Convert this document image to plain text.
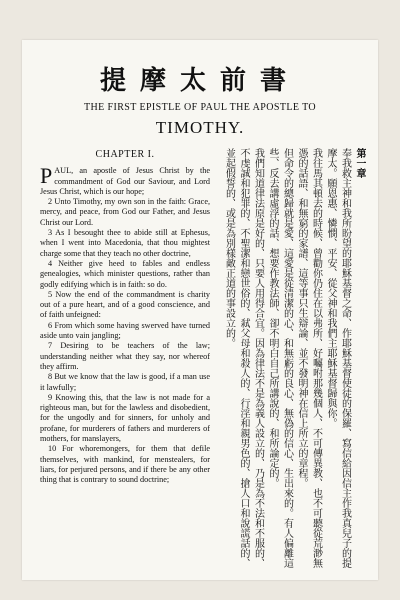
提摩太前書
THE FIRST EPISTLE OF PAUL THE APOSTLE TO
TIMOTHY.
CHAPTER I.

PAUL, an apostle of Jesus Christ by the commandment of God our Saviour, and Lord Jesus Christ, which is our hope;

2 Unto Timothy, my own son in the faith: Grace, mercy, and peace, from God our Father, and Jesus Christ our Lord.

3 As I besought thee to abide still at Ephesus, when I went into Macedonia, that thou mightest charge some that they teach no other doctrine,

4 Neither give heed to fables and endless genealogies, which minister questions, rather than godly edifying which is in faith: so do.

5 Now the end of the commandment is charity out of a pure heart, and of a good conscience, and of faith unfeigned:

6 From which some having swerved have turned aside unto vain jangling;

7 Desiring to be teachers of the law; understanding neither what they say, nor whereof they affirm.

8 But we know that the law is good, if a man use it lawfully;

9 Knowing this, that the law is not made for a righteous man, but for the lawless and disobedient, for the ungodly and for sinners, for unholy and profane, for murderers of fathers and murderers of mothers, for manslayers,

10 For whoremongers, for them that defile themselves, with mankind, for menstealers, for liars, for perjured persons, and if there be any other thing that is contrary to sound doctrine;

第一章

奉我救主神和我所盼望的耶穌基督之命、作耶穌基督使徒的保羅、寫信給因信主作我真兒子的提摩太。願恩惠、憐憫、平安、從父神和我們主耶穌基督歸與你。

我往馬其頓去的時候、曾勸你仍住在以弗所、好囑咐那幾個人、不可傳異教、也不可聽從荒渺無憑的話語、和無窮的家譜、這等事只生辯論、並不發明神在信上所立的章程。

但命令的總歸就是愛、這愛是從清潔的心、和無虧的良心、無偽的信心、生出來的。有人偏離這些、反去講虛浮的話、想要作教法師、卻不明白自己所講說的、和所論定的。

我們知道律法原是好的、只要人用得合宜。因為律法不是為義人設立的、乃是為不法和不服的、不虔誠和犯罪的、不聖潔和戀世俗的、弒父母和殺人的、行淫和親男色的、搶人口和說謊話的、並起假誓的、或是為別樣敵正道的事設立的。
